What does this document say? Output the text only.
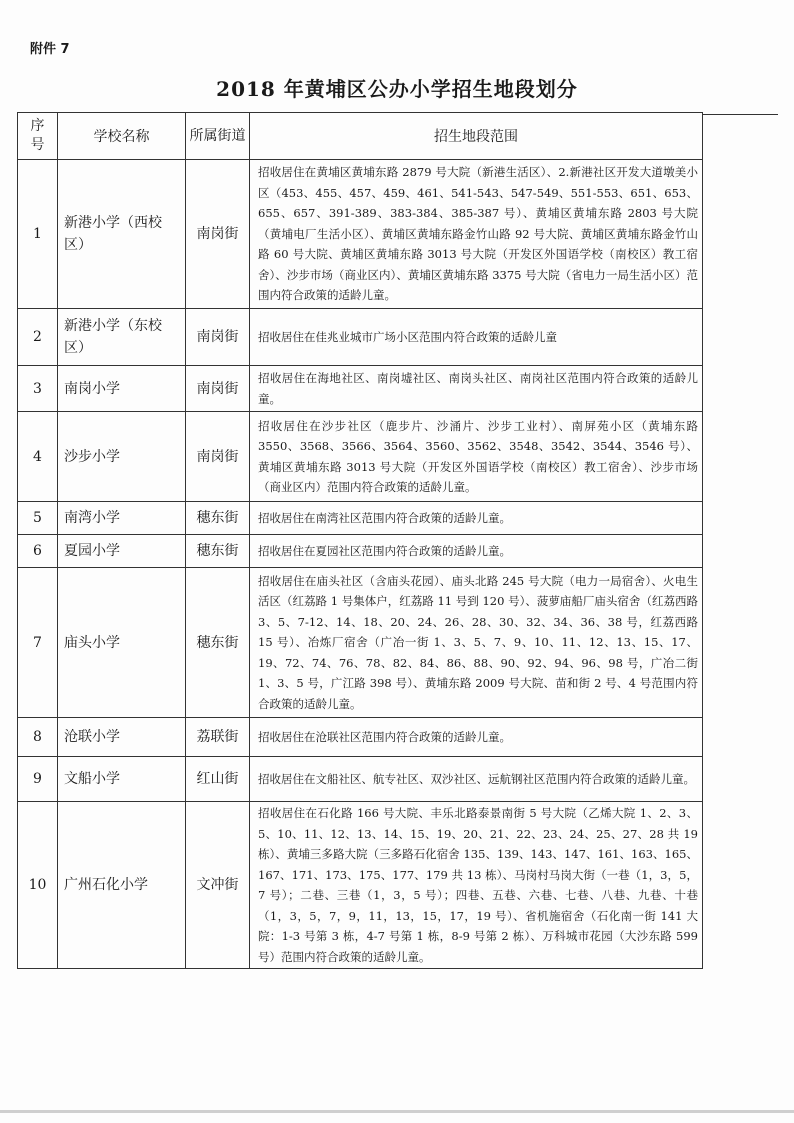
附件 7
2018 年黄埔区公办小学招生地段划分
序号	学校名称	所属街道	招生地段范围
1	新港小学（西校区）	南岗街	招收居住在黄埔区黄埔东路 2879 号大院（新港生活区）、2.新港社区开发大道墩美小区（453、455、457、459、461、541-543、547-549、551-553、651、653、655、657、391-389、383-384、385-387 号）、黄埔区黄埔东路 2803 号大院（黄埔电厂生活小区）、黄埔区黄埔东路金竹山路 92 号大院、黄埔区黄埔东路金竹山路 60 号大院、黄埔区黄埔东路 3013 号大院（开发区外国语学校（南校区）教工宿舍）、沙步市场（商业区内）、黄埔区黄埔东路 3375 号大院（省电力一局生活小区）范围内符合政策的适龄儿童。
2	新港小学（东校区）	南岗街	招收居住在佳兆业城市广场小区范围内符合政策的适龄儿童
3	南岗小学	南岗街	招收居住在海地社区、南岗墟社区、南岗头社区、南岗社区范围内符合政策的适龄儿童。
4	沙步小学	南岗街	招收居住在沙步社区（鹿步片、沙涌片、沙步工业村）、南屏苑小区（黄埔东路 3550、3568、3566、3564、3560、3562、3548、3542、3544、3546 号）、黄埔区黄埔东路 3013 号大院（开发区外国语学校（南校区）教工宿舍）、沙步市场（商业区内）范围内符合政策的适龄儿童。
5	南湾小学	穗东街	招收居住在南湾社区范围内符合政策的适龄儿童。
6	夏园小学	穗东街	招收居住在夏园社区范围内符合政策的适龄儿童。
7	庙头小学	穗东街	招收居住在庙头社区（含庙头花园）、庙头北路 245 号大院（电力一局宿舍）、火电生活区（红荔路 1 号集体户，红荔路 11 号到 120 号）、菠萝庙船厂庙头宿舍（红荔西路 3、5、7-12、14、18、20、24、26、28、30、32、34、36、38 号，红荔西路 15 号）、冶炼厂宿舍（广冶一街 1、3、5、7、9、10、11、12、13、15、17、19、72、74、76、78、82、84、86、88、90、92、94、96、98 号，广冶二街 1、3、5 号，广江路 398 号）、黄埔东路 2009 号大院、苗和街 2 号、4 号范围内符合政策的适龄儿童。
8	沧联小学	荔联街	招收居住在沧联社区范围内符合政策的适龄儿童。
9	文船小学	红山街	招收居住在文船社区、航专社区、双沙社区、远航钢社区范围内符合政策的适龄儿童。
10	广州石化小学	文冲街	招收居住在石化路 166 号大院、丰乐北路泰景南街 5 号大院（乙烯大院 1、2、3、5、10、11、12、13、14、15、19、20、21、22、23、24、25、27、28 共 19 栋）、黄埔三多路大院（三多路石化宿舍 135、139、143、147、161、163、165、167、171、173、175、177、179 共 13 栋）、马岗村马岗大街（一巷（1，3，5，7 号）；二巷、三巷（1，3，5 号）；四巷、五巷、六巷、七巷、八巷、九巷、十巷（1，3，5，7，9，11，13，15，17，19 号）、省机施宿舍（石化南一街 141 大院：1-3 号第 3 栋，4-7 号第 1 栋，8-9 号第 2 栋）、万科城市花园（大沙东路 599 号）范围内符合政策的适龄儿童。
